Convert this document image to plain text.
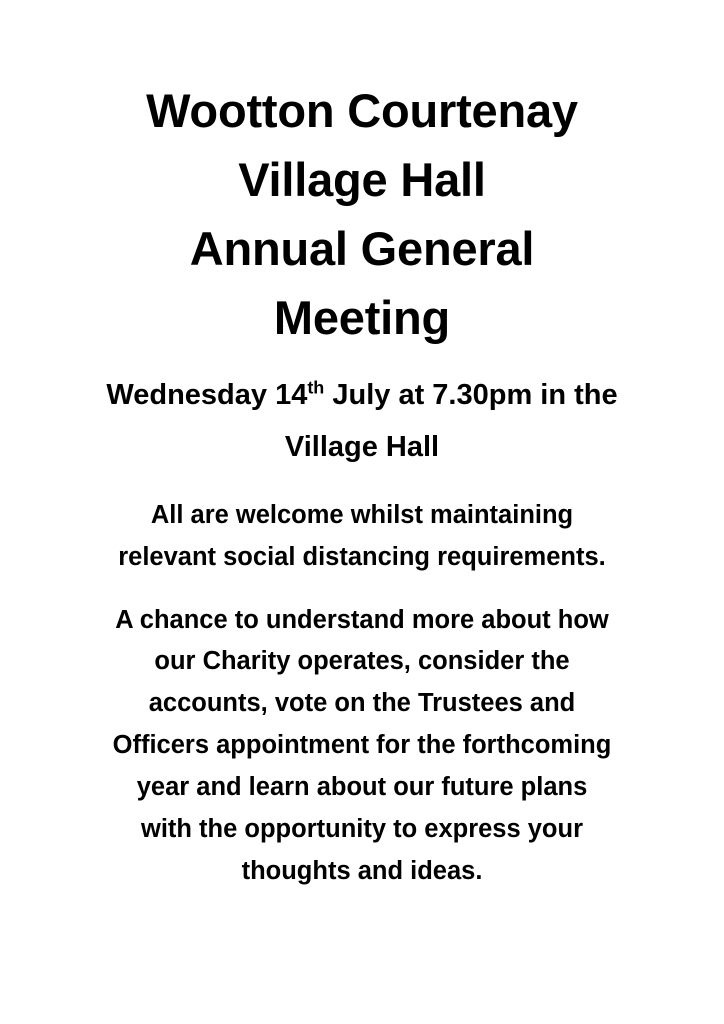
Wootton Courtenay
Village Hall
Annual General
Meeting
Wednesday 14th July at 7.30pm in the
Village Hall
All are welcome whilst maintaining
relevant social distancing requirements.
A chance to understand more about how
our Charity operates, consider the
accounts, vote on the Trustees and
Officers appointment for the forthcoming
year and learn about our future plans
with the opportunity to express your
thoughts and ideas.
